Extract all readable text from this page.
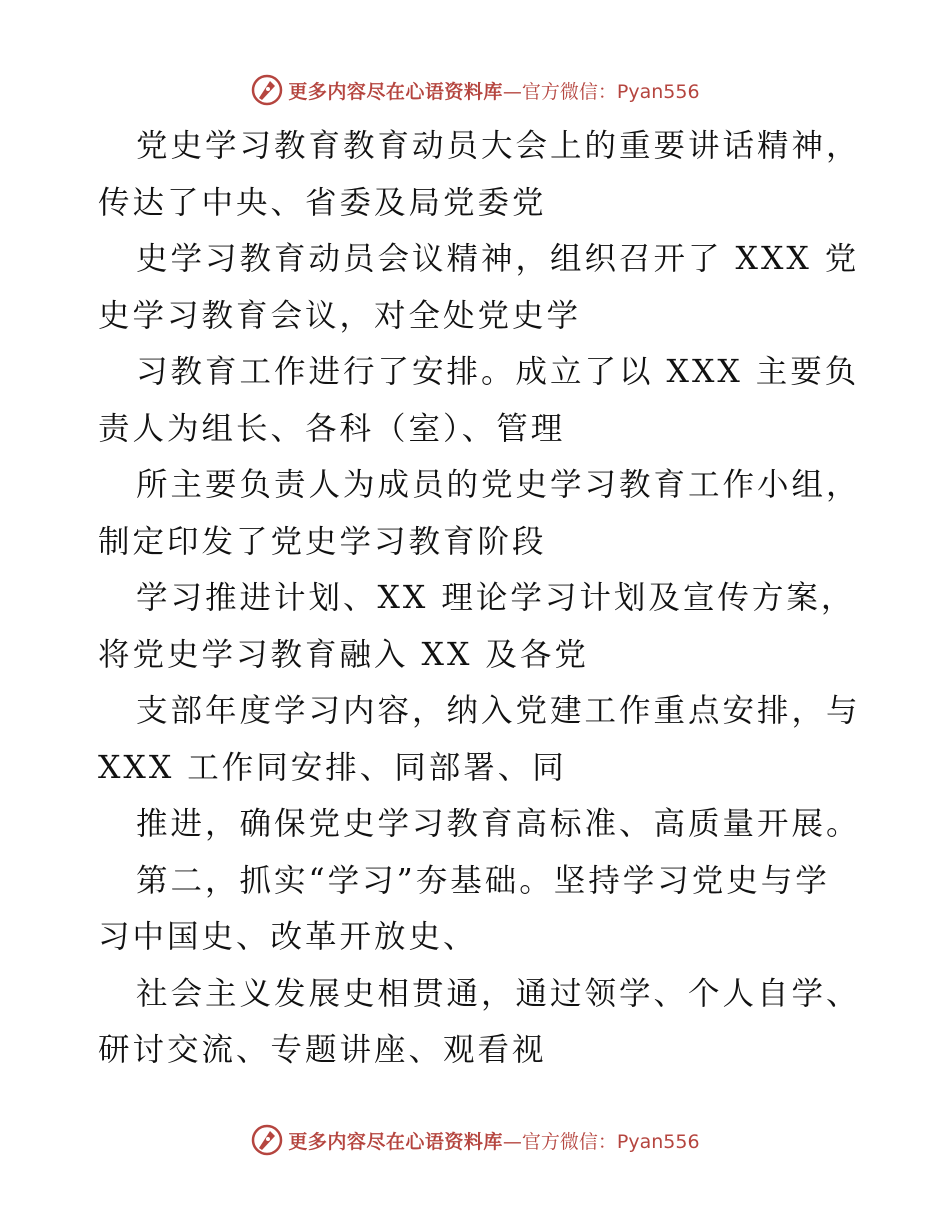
更多内容尽在心语资料库 —官方微信：Pyan556

党史学习教育教育动员大会上的重要讲话精神，
传达了中央、省委及局党委党

史学习教育动员会议精神，组织召开了 XXX 党
史学习教育会议，对全处党史学

习教育工作进行了安排。成立了以 XXX 主要负
责人为组长、各科（室）、管理

所主要负责人为成员的党史学习教育工作小组，
制定印发了党史学习教育阶段

学习推进计划、XX 理论学习计划及宣传方案，
将党史学习教育融入 XX 及各党

支部年度学习内容，纳入党建工作重点安排，与
XXX 工作同安排、同部署、同

推进，确保党史学习教育高标准、高质量开展。

第二，抓实“学习”夯基础。坚持学习党史与学
习中国史、改革开放史、

社会主义发展史相贯通，通过领学、个人自学、
研讨交流、专题讲座、观看视

更多内容尽在心语资料库 —官方微信：Pyan556
